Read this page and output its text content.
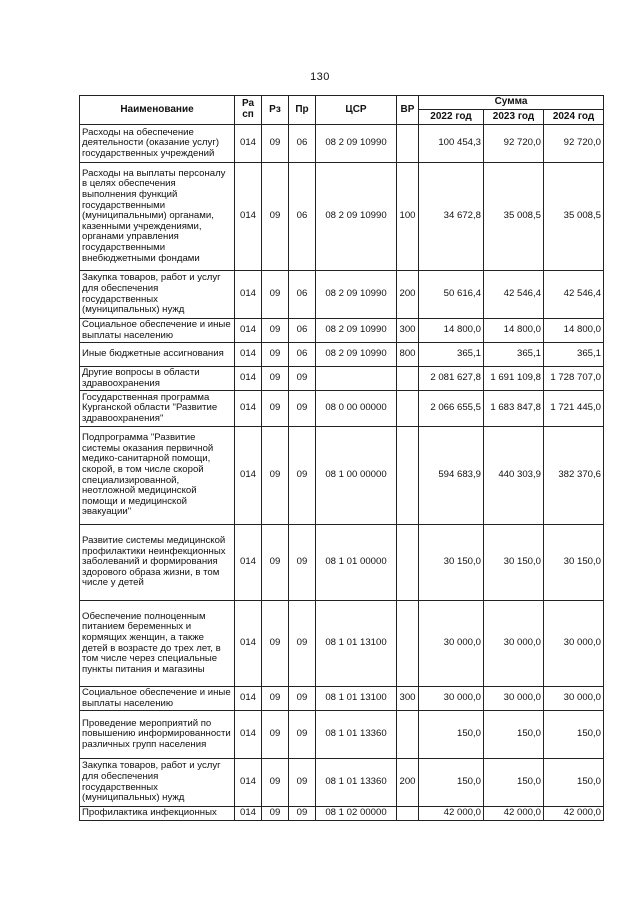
130
Наименование	Ра сп	Рз	Пр	ЦСР	ВР	Сумма		
						2022 год	2023 год	2024 год
Расходы на обеспечение деятельности (оказание услуг) государственных учреждений	014	09	06	08 2 09 10990		100 454,3	92 720,0	92 720,0
Расходы на выплаты персоналу в целях обеспечения выполнения функций государственными (муниципальными) органами, казенными учреждениями, органами управления государственными внебюджетными фондами	014	09	06	08 2 09 10990	100	34 672,8	35 008,5	35 008,5
Закупка товаров, работ и услуг для обеспечения государственных (муниципальных) нужд	014	09	06	08 2 09 10990	200	50 616,4	42 546,4	42 546,4
Социальное обеспечение и иные выплаты населению	014	09	06	08 2 09 10990	300	14 800,0	14 800,0	14 800,0
Иные бюджетные ассигнования	014	09	06	08 2 09 10990	800	365,1	365,1	365,1
Другие вопросы в области здравоохранения	014	09	09			2 081 627,8	1 691 109,8	1 728 707,0
Государственная программа Курганской области "Развитие здравоохранения"	014	09	09	08 0 00 00000		2 066 655,5	1 683 847,8	1 721 445,0
Подпрограмма "Развитие системы оказания первичной медико-санитарной помощи, скорой, в том числе скорой специализированной, неотложной медицинской помощи и медицинской эвакуации"	014	09	09	08 1 00 00000		594 683,9	440 303,9	382 370,6
Развитие системы медицинской профилактики неинфекционных заболеваний и формирования здорового образа жизни, в том числе у детей	014	09	09	08 1 01 00000		30 150,0	30 150,0	30 150,0
Обеспечение полноценным питанием беременных и кормящих женщин, а также детей в возрасте до трех лет, в том числе через специальные пункты питания и магазины	014	09	09	08 1 01 13100		30 000,0	30 000,0	30 000,0
Социальное обеспечение и иные выплаты населению	014	09	09	08 1 01 13100	300	30 000,0	30 000,0	30 000,0
Проведение мероприятий по повышению информированности различных групп населения	014	09	09	08 1 01 13360		150,0	150,0	150,0
Закупка товаров, работ и услуг для обеспечения государственных (муниципальных) нужд	014	09	09	08 1 01 13360	200	150,0	150,0	150,0
Профилактика инфекционных	014	09	09	08 1 02 00000		42 000,0	42 000,0	42 000,0
